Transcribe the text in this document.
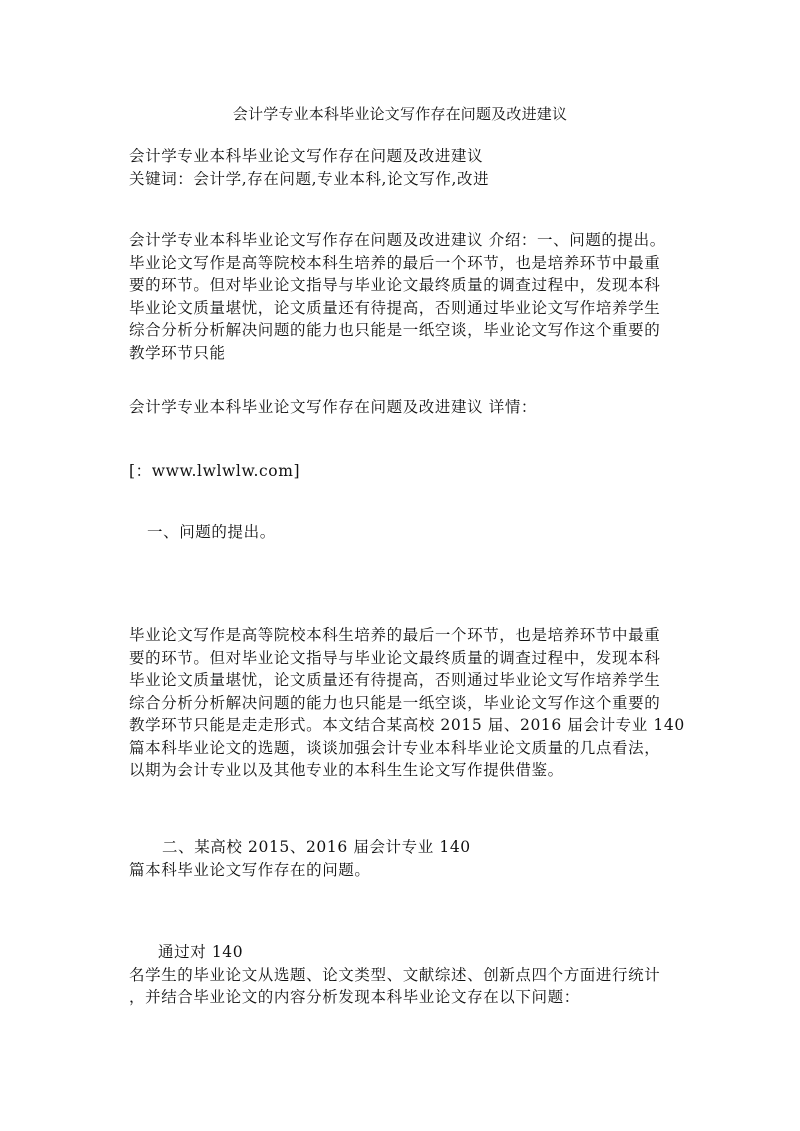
会计学专业本科毕业论文写作存在问题及改进建议
会计学专业本科毕业论文写作存在问题及改进建议
关键词：会计学,存在问题,专业本科,论文写作,改进
会计学专业本科毕业论文写作存在问题及改进建议 介绍：一、问题的提出。
毕业论文写作是高等院校本科生培养的最后一个环节，也是培养环节中最重
要的环节。但对毕业论文指导与毕业论文最终质量的调查过程中，发现本科
毕业论文质量堪忧，论文质量还有待提高，否则通过毕业论文写作培养学生
综合分析分析解决问题的能力也只能是一纸空谈，毕业论文写作这个重要的
教学环节只能
会计学专业本科毕业论文写作存在问题及改进建议 详情：
[：www.lwlwlw.com]
一、问题的提出。
毕业论文写作是高等院校本科生培养的最后一个环节，也是培养环节中最重
要的环节。但对毕业论文指导与毕业论文最终质量的调查过程中，发现本科
毕业论文质量堪忧，论文质量还有待提高，否则通过毕业论文写作培养学生
综合分析分析解决问题的能力也只能是一纸空谈，毕业论文写作这个重要的
教学环节只能是走走形式。本文结合某高校 2015 届、2016 届会计专业 140
篇本科毕业论文的选题，谈谈加强会计专业本科毕业论文质量的几点看法，
以期为会计专业以及其他专业的本科生生论文写作提供借鉴。
二、某高校 2015、2016 届会计专业 140
篇本科毕业论文写作存在的问题。
通过对 140
名学生的毕业论文从选题、论文类型、文献综述、创新点四个方面进行统计
，并结合毕业论文的内容分析发现本科毕业论文存在以下问题：
